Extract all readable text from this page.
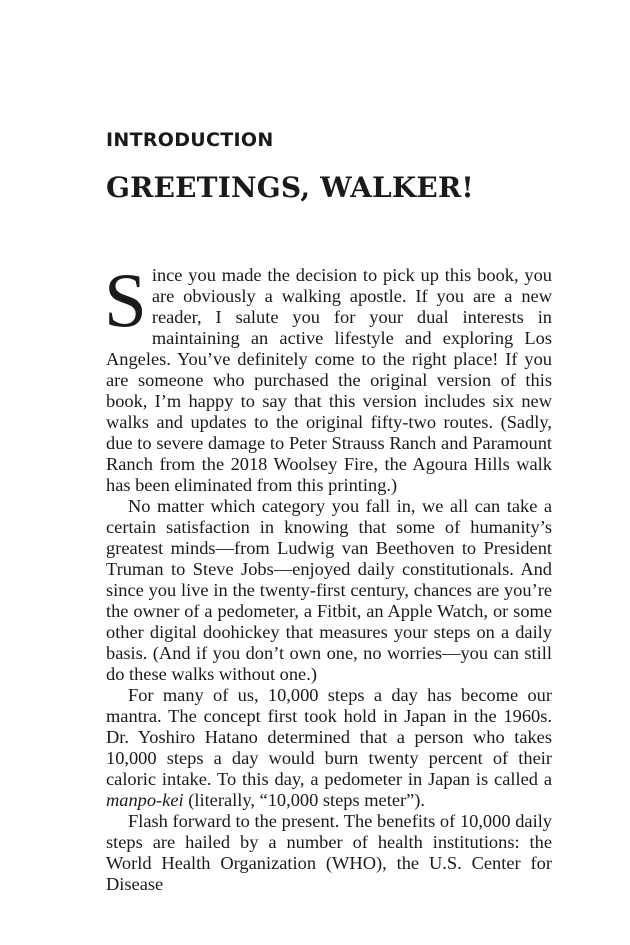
INTRODUCTION
GREETINGS, WALKER!

Since you made the decision to pick up this book, you are obviously a walking apostle. If you are a new reader, I salute you for your dual interests in maintaining an active lifestyle and exploring Los Angeles. You’ve definitely come to the right place! If you are someone who purchased the original version of this book, I’m happy to say that this version includes six new walks and updates to the original fifty-two routes. (Sadly, due to severe damage to Peter Strauss Ranch and Paramount Ranch from the 2018 Woolsey Fire, the Agoura Hills walk has been eliminated from this printing.)

No matter which category you fall in, we all can take a certain satisfaction in knowing that some of humanity’s greatest minds—from Ludwig van Beethoven to President Truman to Steve Jobs—enjoyed daily constitutionals. And since you live in the twenty-first century, chances are you’re the owner of a pedometer, a Fitbit, an Apple Watch, or some other digital doohickey that measures your steps on a daily basis. (And if you don’t own one, no worries—you can still do these walks without one.)

For many of us, 10,000 steps a day has become our mantra. The concept first took hold in Japan in the 1960s. Dr. Yoshiro Hatano determined that a person who takes 10,000 steps a day would burn twenty percent of their caloric intake. To this day, a pedometer in Japan is called a manpo-kei (literally, “10,000 steps meter”).

Flash forward to the present. The benefits of 10,000 daily steps are hailed by a number of health institutions: the World Health Organization (WHO), the U.S. Center for Disease
